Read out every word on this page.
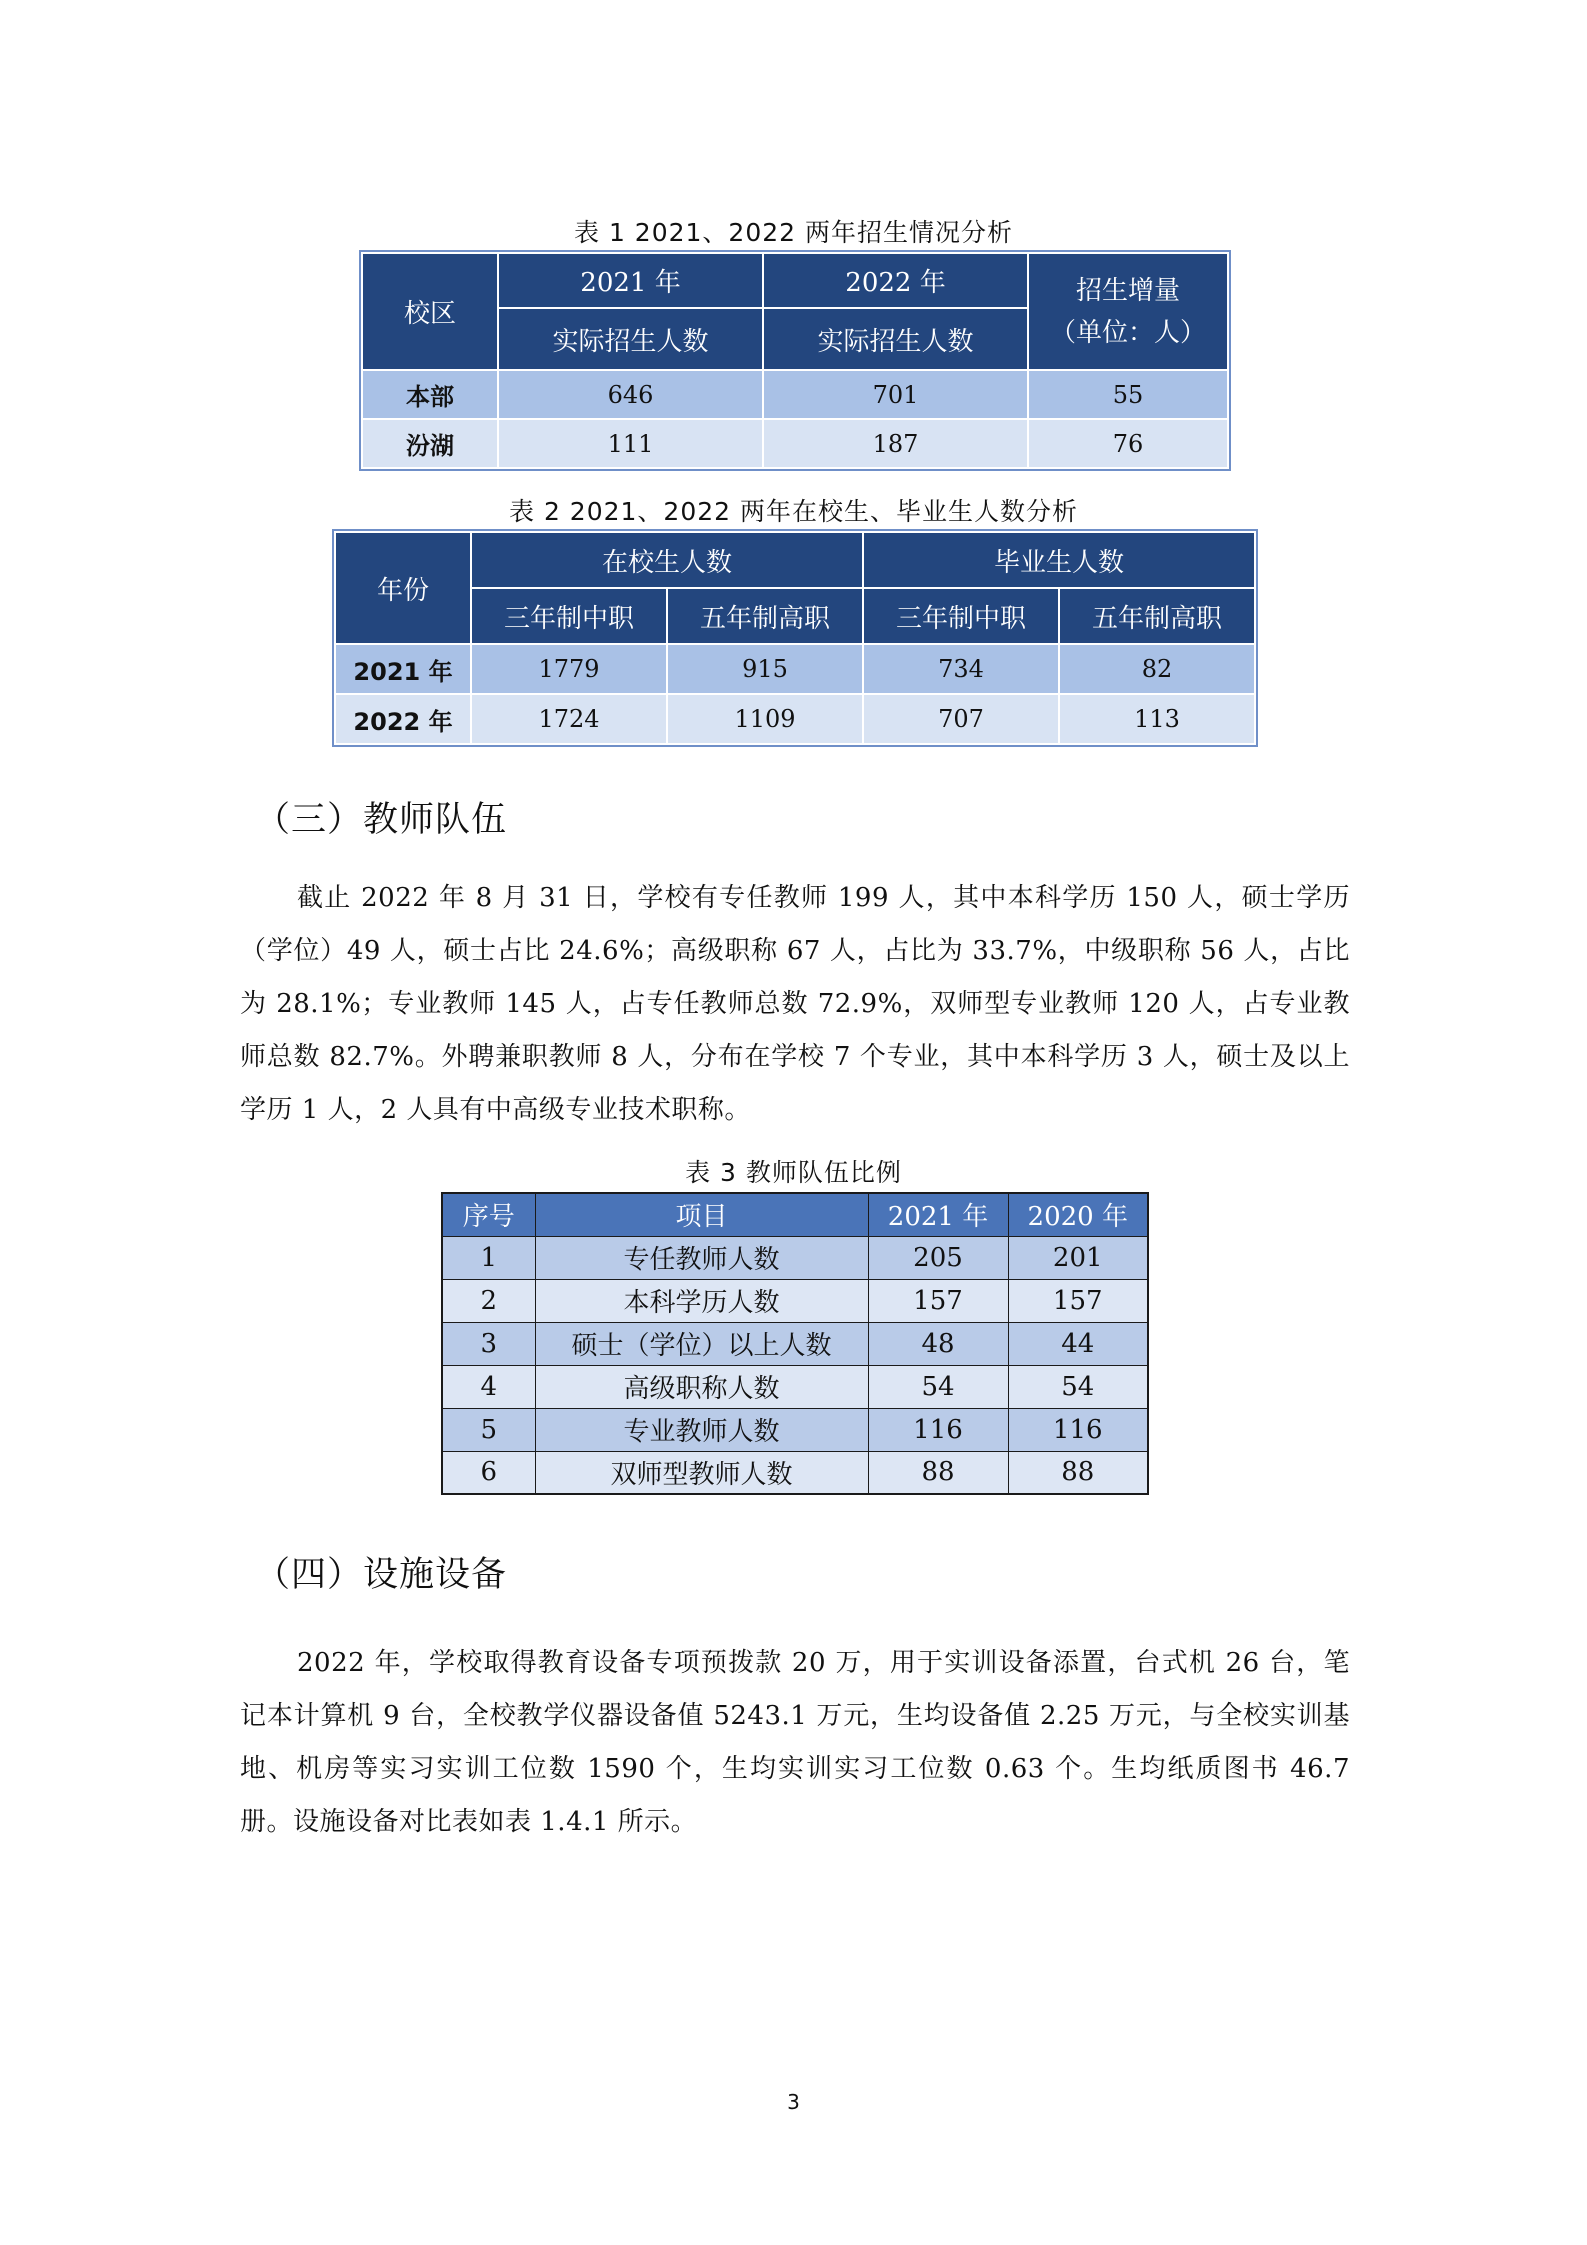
表 1 2021、2022 两年招生情况分析
校区	2021 年	2022 年	招生增量
（单位：人）
	实际招生人数	实际招生人数	
本部	646	701	55
汾湖	111	187	76
表 2 2021、2022 两年在校生、毕业生人数分析
年份	在校生人数		毕业生人数	
	三年制中职	五年制高职	三年制中职	五年制高职
2021 年	1779	915	734	82
2022 年	1724	1109	707	113
（三）教师队伍
截止 2022 年 8 月 31 日，学校有专任教师 199 人，其中本科学历 150 人，硕士学历（学位）49 人，硕士占比 24.6%；高级职称 67 人，占比为 33.7%，中级职称 56 人，占比为 28.1%；专业教师 145 人，占专任教师总数 72.9%，双师型专业教师 120 人，占专业教师总数 82.7%。外聘兼职教师 8 人，分布在学校 7 个专业，其中本科学历 3 人，硕士及以上学历 1 人，2 人具有中高级专业技术职称。
表 3 教师队伍比例
序号	项目	2021 年	2020 年
1	专任教师人数	205	201
2	本科学历人数	157	157
3	硕士（学位）以上人数	48	44
4	高级职称人数	54	54
5	专业教师人数	116	116
6	双师型教师人数	88	88
（四）设施设备
2022 年，学校取得教育设备专项预拨款 20 万，用于实训设备添置，台式机 26 台，笔记本计算机 9 台，全校教学仪器设备值 5243.1 万元，生均设备值 2.25 万元，与全校实训基地、机房等实习实训工位数 1590 个，生均实训实习工位数 0.63 个。生均纸质图书 46.7 册。设施设备对比表如表 1.4.1 所示。
3
